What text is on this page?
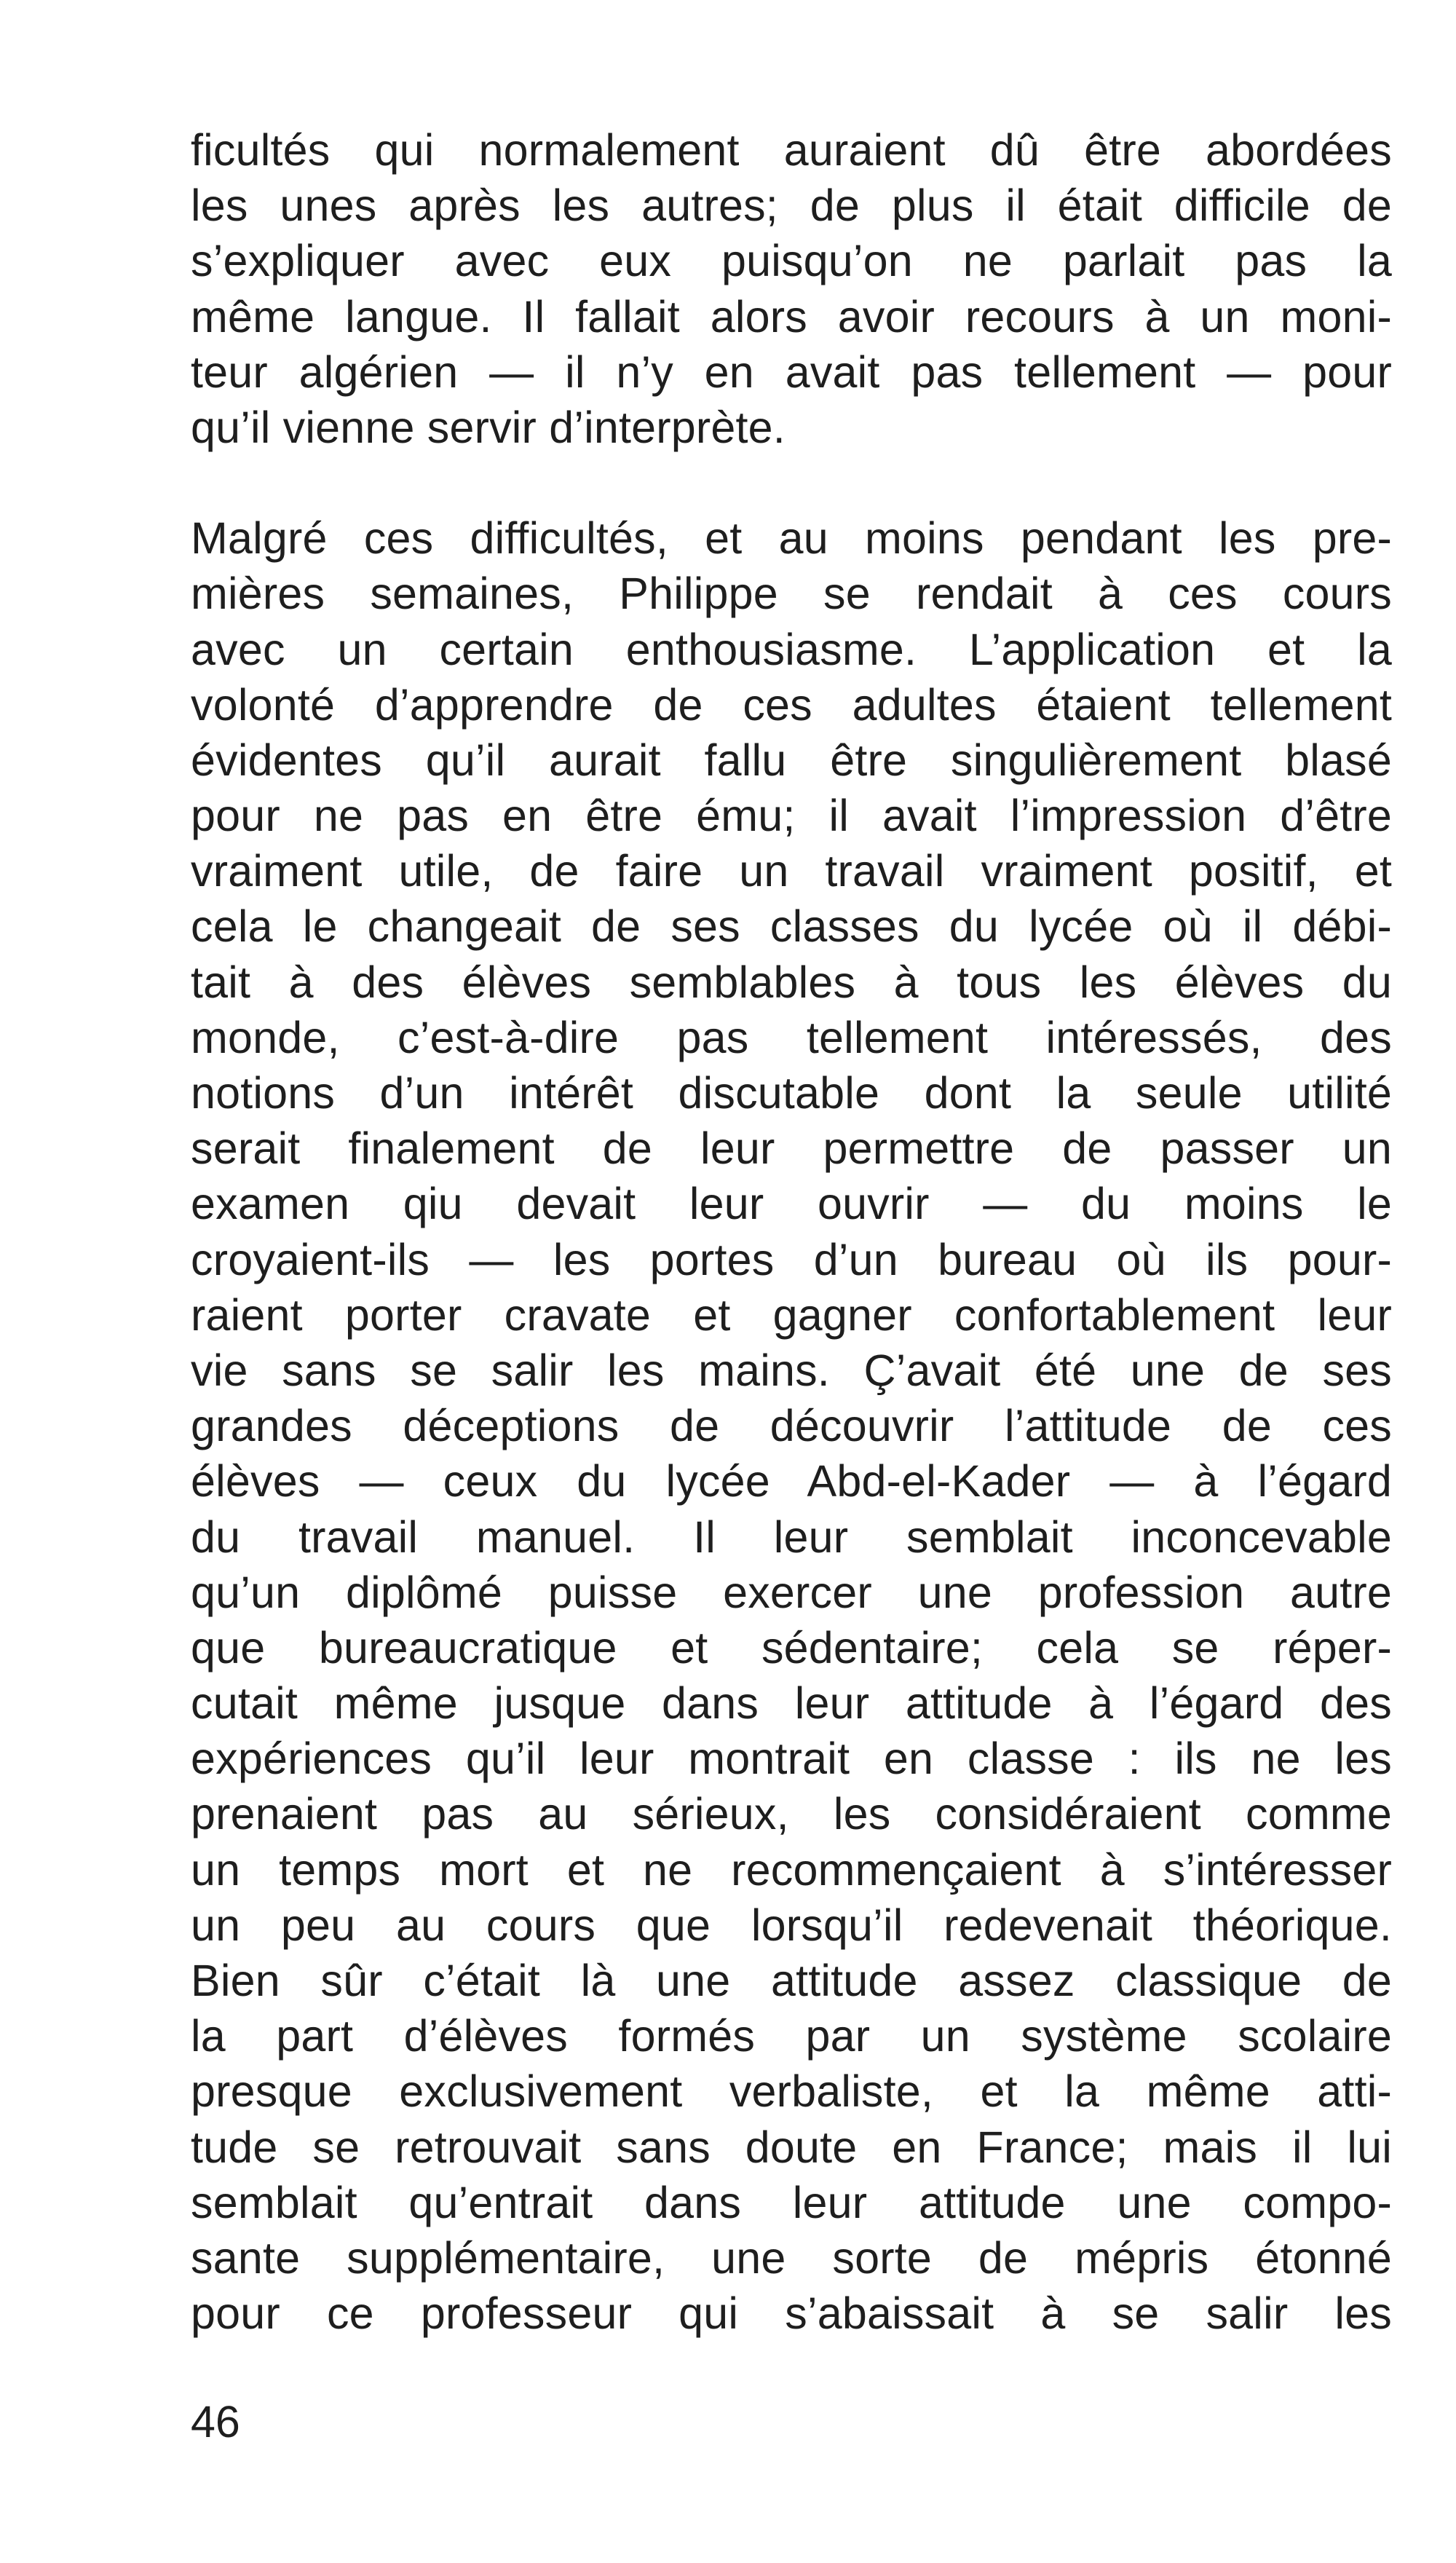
ficultés qui normalement auraient dû être abordées
les unes après les autres; de plus il était difficile de
s’expliquer avec eux puisqu’on ne parlait pas la
même langue. Il fallait alors avoir recours à un moni-
teur algérien — il n’y en avait pas tellement — pour
qu’il vienne servir d’interprète.
Malgré ces difficultés, et au moins pendant les pre-
mières semaines, Philippe se rendait à ces cours
avec un certain enthousiasme. L’application et la
volonté d’apprendre de ces adultes étaient tellement
évidentes qu’il aurait fallu être singulièrement blasé
pour ne pas en être ému; il avait l’impression d’être
vraiment utile, de faire un travail vraiment positif, et
cela le changeait de ses classes du lycée où il débi-
tait à des élèves semblables à tous les élèves du
monde, c’est-à-dire pas tellement intéressés, des
notions d’un intérêt discutable dont la seule utilité
serait finalement de leur permettre de passer un
examen qiu devait leur ouvrir — du moins le
croyaient-ils — les portes d’un bureau où ils pour-
raient porter cravate et gagner confortablement leur
vie sans se salir les mains. Ç’avait été une de ses
grandes déceptions de découvrir l’attitude de ces
élèves — ceux du lycée Abd-el-Kader — à l’égard
du travail manuel. Il leur semblait inconcevable
qu’un diplômé puisse exercer une profession autre
que bureaucratique et sédentaire; cela se réper-
cutait même jusque dans leur attitude à l’égard des
expériences qu’il leur montrait en classe : ils ne les
prenaient pas au sérieux, les considéraient comme
un temps mort et ne recommençaient à s’intéresser
un peu au cours que lorsqu’il redevenait théorique.
Bien sûr c’était là une attitude assez classique de
la part d’élèves formés par un système scolaire
presque exclusivement verbaliste, et la même atti-
tude se retrouvait sans doute en France; mais il lui
semblait qu’entrait dans leur attitude une compo-
sante supplémentaire, une sorte de mépris étonné
pour ce professeur qui s’abaissait à se salir les
46
